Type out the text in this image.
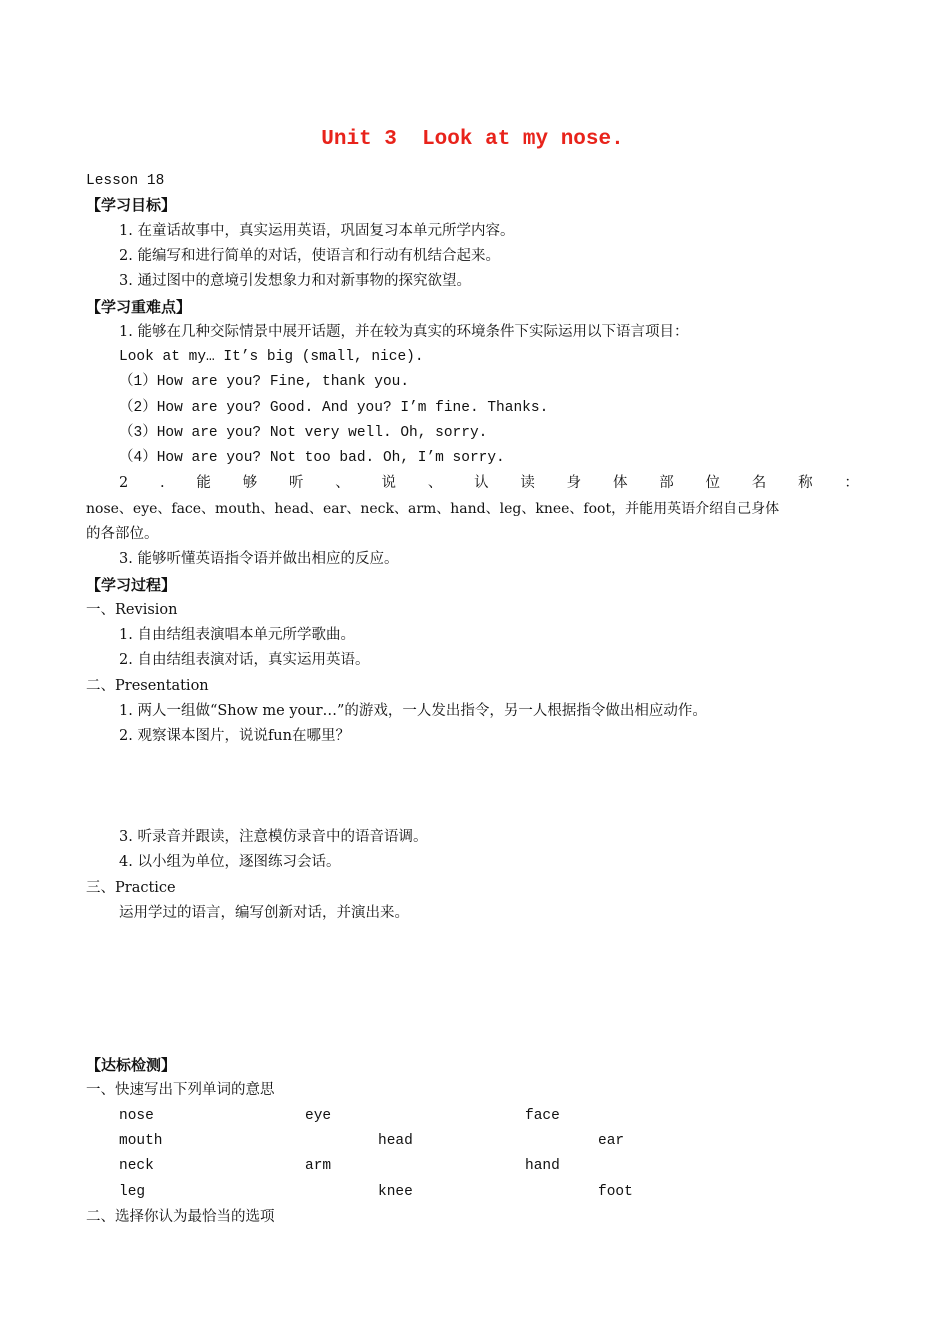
Unit 3  Look at my nose.
Lesson 18
【学习目标】
1. 在童话故事中，真实运用英语，巩固复习本单元所学内容。
2. 能编写和进行简单的对话，使语言和行动有机结合起来。
3. 通过图中的意境引发想象力和对新事物的探究欲望。
【学习重难点】
1. 能够在几种交际情景中展开话题，并在较为真实的环境条件下实际运用以下语言项目：
Look at my… It’s big (small, nice).
（1）How are you? Fine, thank you.
（2）How are you? Good. And you? I’m fine. Thanks.
（3）How are you? Not very well. Oh, sorry.
（4）How are you? Not too bad. Oh, I’m sorry.
2 . 能 够 听 、 说 、 认 读 身 体 部 位 名 称 ：
nose、eye、face、mouth、head、ear、neck、arm、hand、leg、knee、foot，并能用英语介绍自己身体
的各部位。
3. 能够听懂英语指令语并做出相应的反应。
【学习过程】
一、Revision
1. 自由结组表演唱本单元所学歌曲。
2. 自由结组表演对话，真实运用英语。
二、Presentation
1. 两人一组做“Show me your…”的游戏，一人发出指令，另一人根据指令做出相应动作。
2. 观察课本图片，说说fun在哪里？
3. 听录音并跟读，注意模仿录音中的语音语调。
4. 以小组为单位，逐图练习会话。
三、Practice
运用学过的语言，编写创新对话，并演出来。
【达标检测】
一、快速写出下列单词的意思
nose	eye	face
mouth	head	ear
neck	arm	hand
leg	knee	foot
二、选择你认为最恰当的选项
